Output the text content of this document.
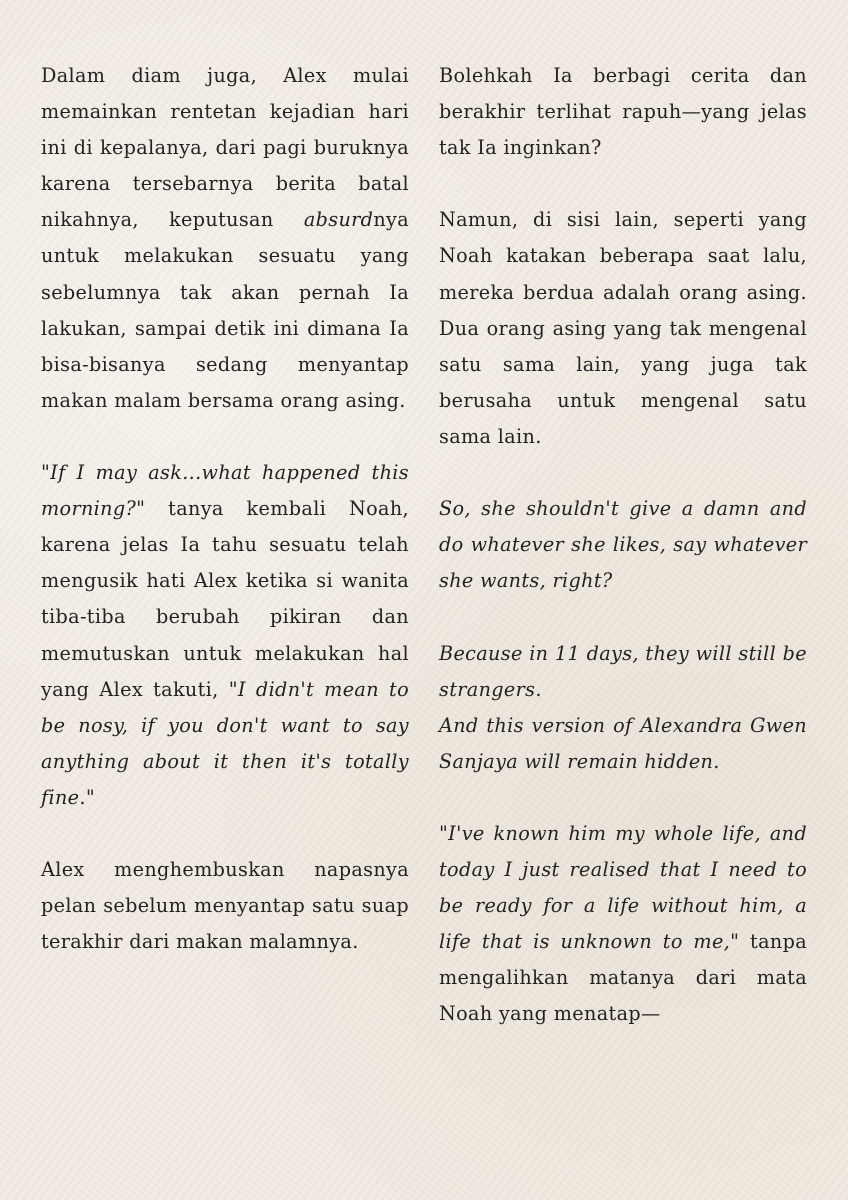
Dalam diam juga, Alex mulai memainkan rentetan kejadian hari ini di kepalanya, dari pagi buruknya karena tersebarnya berita batal nikahnya, keputusan absurdnya untuk melakukan sesuatu yang sebelumnya tak akan pernah Ia lakukan, sampai detik ini dimana Ia bisa-bisanya sedang menyantap makan malam bersama orang asing.

"If I may ask...what happened this morning?" tanya kembali Noah, karena jelas Ia tahu sesuatu telah mengusik hati Alex ketika si wanita tiba-tiba berubah pikiran dan memutuskan untuk melakukan hal yang Alex takuti, "I didn't mean to be nosy, if you don't want to say anything about it then it's totally fine."

Alex menghembuskan napasnya pelan sebelum menyantap satu suap terakhir dari makan malamnya.

Bolehkah Ia berbagi cerita dan berakhir terlihat rapuh—yang jelas tak Ia inginkan?

Namun, di sisi lain, seperti yang Noah katakan beberapa saat lalu, mereka berdua adalah orang asing. Dua orang asing yang tak mengenal satu sama lain, yang juga tak berusaha untuk mengenal satu sama lain.

So, she shouldn't give a damn and do whatever she likes, say whatever she wants, right?

Because in 11 days, they will still be strangers.
And this version of Alexandra Gwen Sanjaya will remain hidden.

"I've known him my whole life, and today I just realised that I need to be ready for a life without him, a life that is unknown to me," tanpa mengalihkan matanya dari mata Noah yang menatap—
